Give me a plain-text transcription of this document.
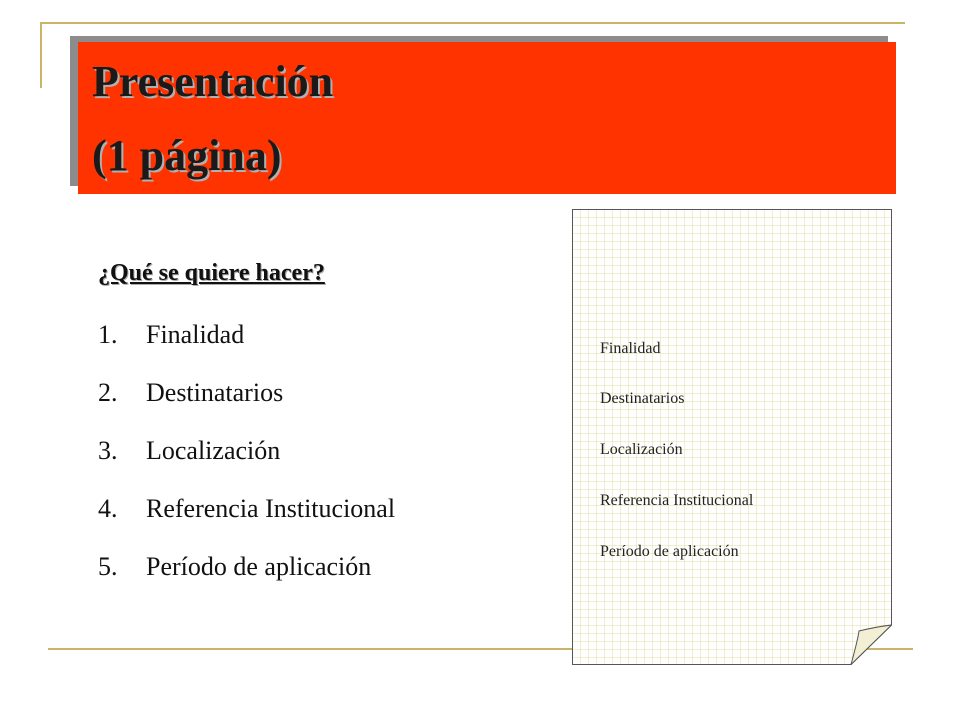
Presentación
(1 página)
¿Qué se quiere hacer?
1. Finalidad
2. Destinatarios
3. Localización
4. Referencia Institucional
5. Período de aplicación
Finalidad
Destinatarios
Localización
Referencia Institucional
Período de aplicación
